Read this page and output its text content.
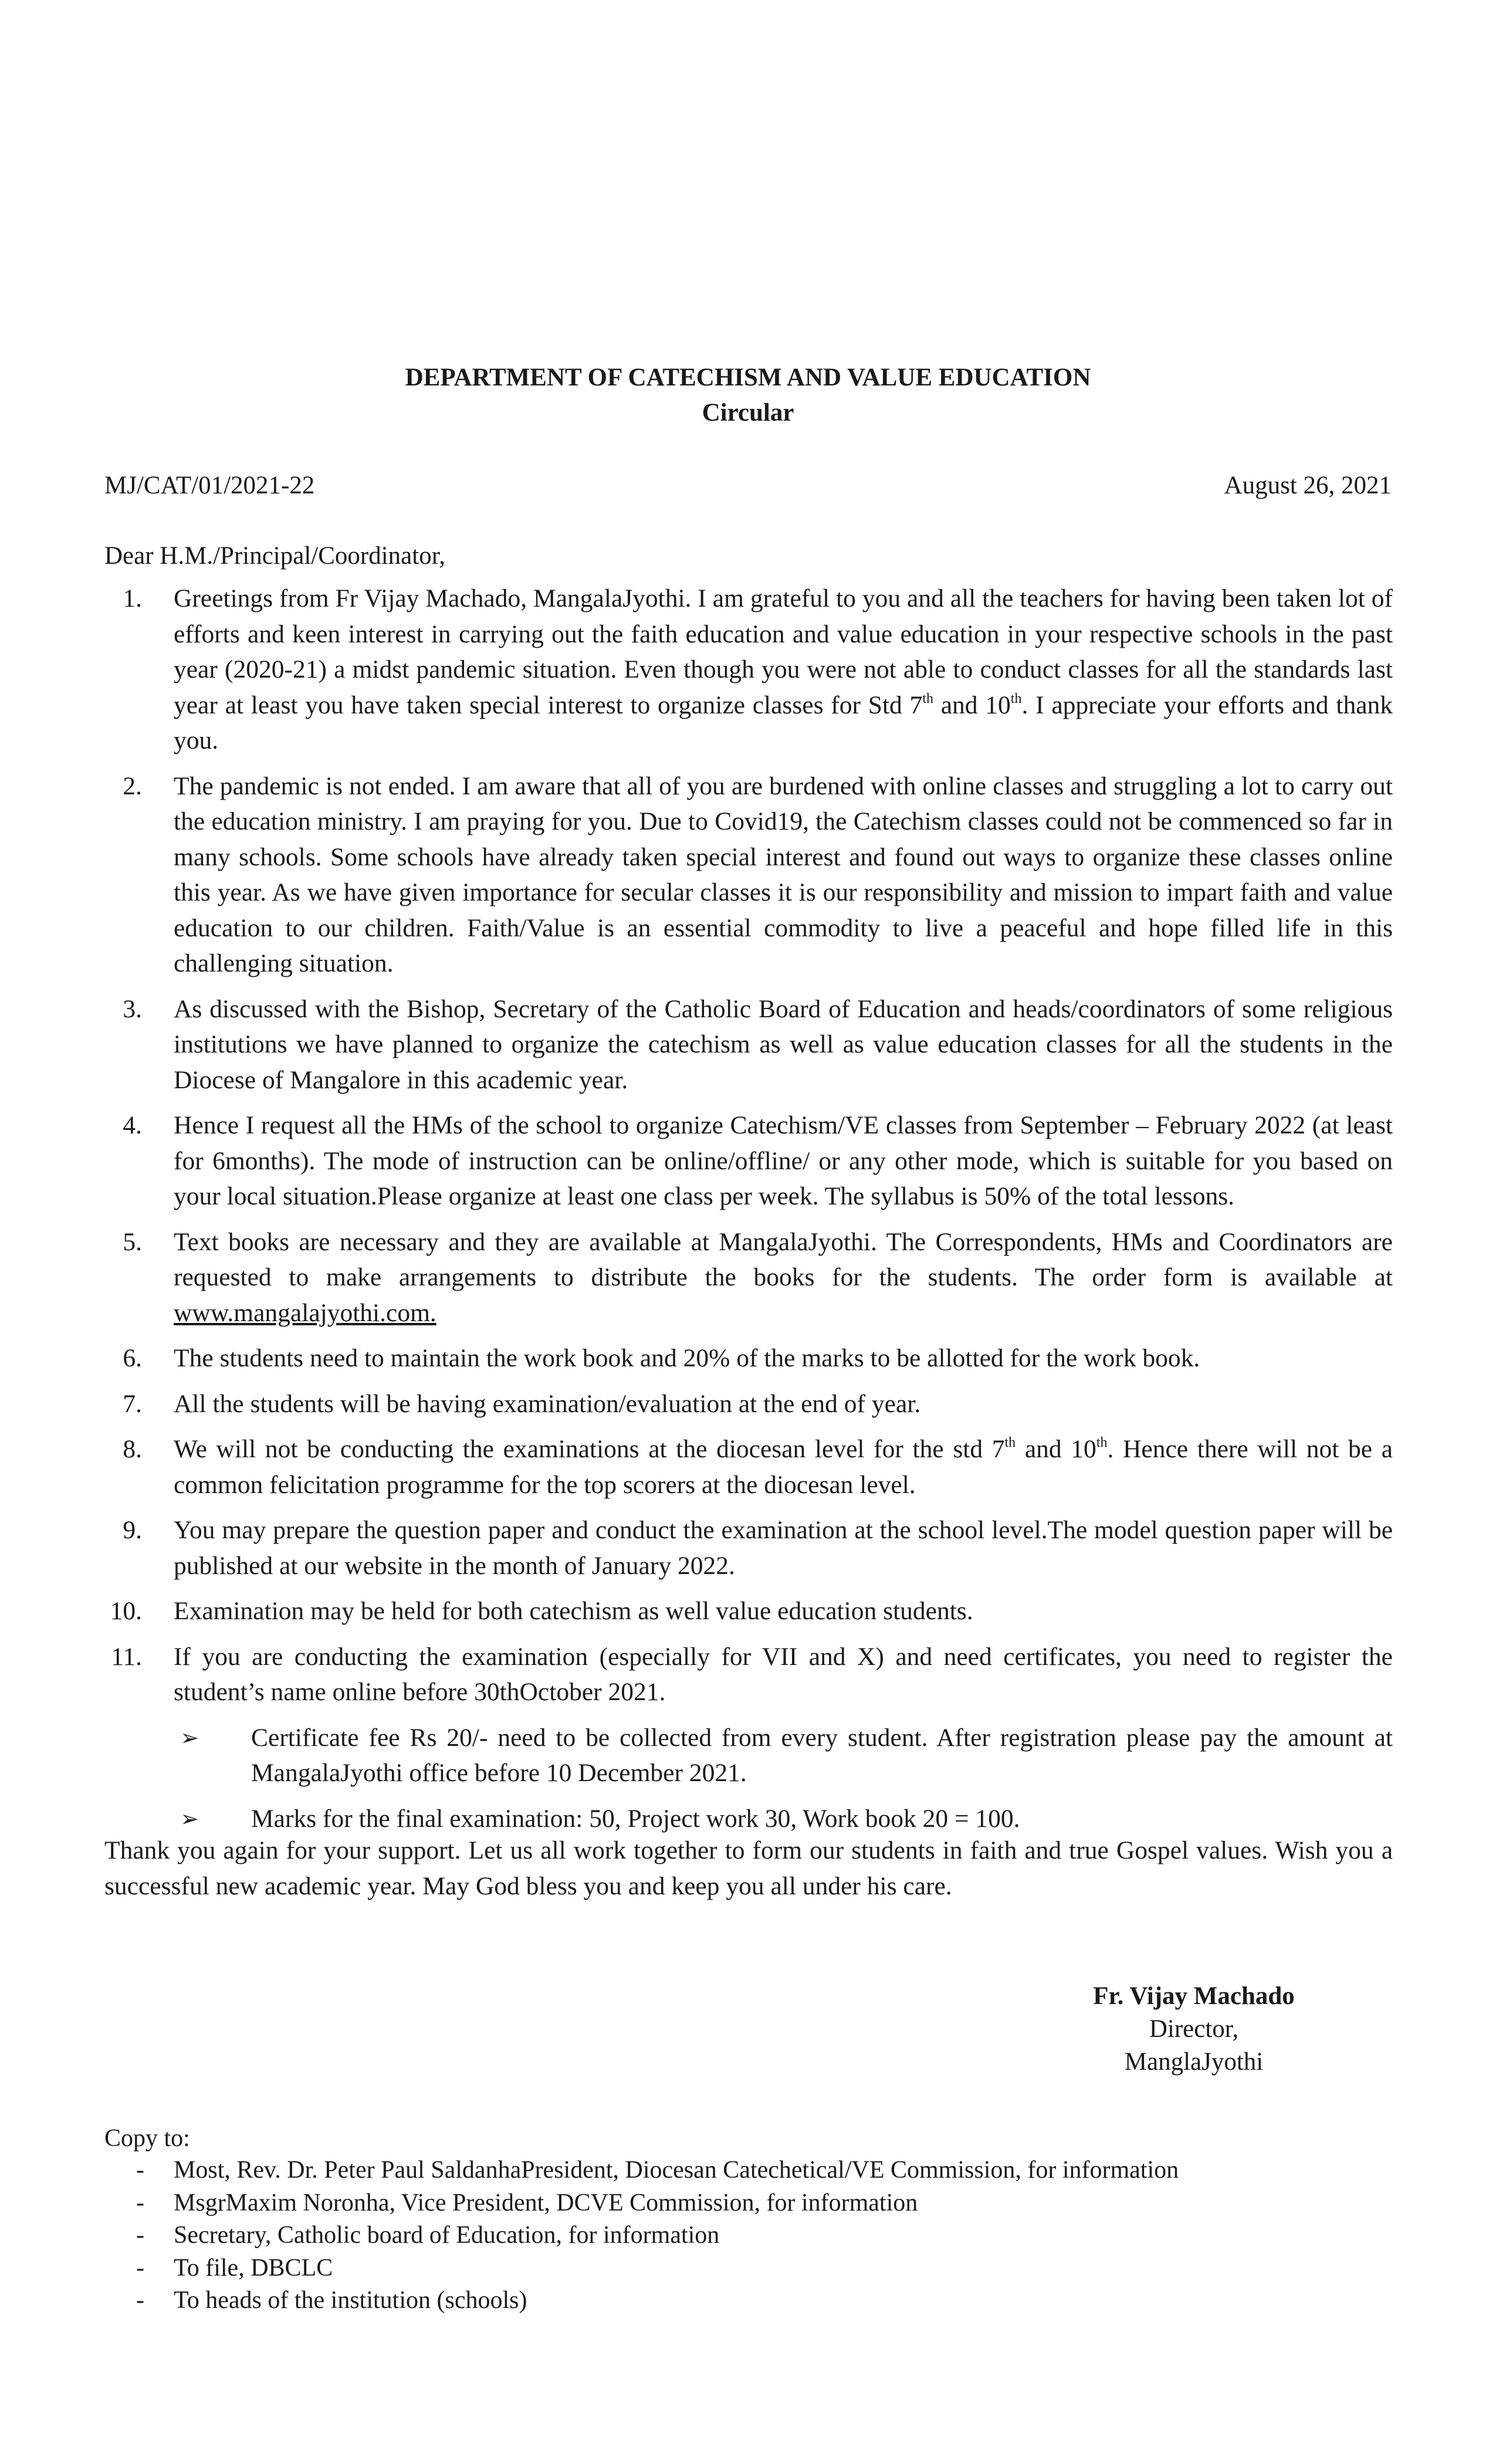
DEPARTMENT OF CATECHISM AND VALUE EDUCATION
Circular
MJ/CAT/01/2021-22	August 26, 2021
Dear H.M./Principal/Coordinator,
1. Greetings from Fr Vijay Machado, MangalaJyothi. I am grateful to you and all the teachers for having been taken lot of efforts and keen interest in carrying out the faith education and value education in your respective schools in the past year (2020-21) a midst pandemic situation. Even though you were not able to conduct classes for all the standards last year at least you have taken special interest to organize classes for Std 7th and 10th. I appreciate your efforts and thank you.
2. The pandemic is not ended. I am aware that all of you are burdened with online classes and struggling a lot to carry out the education ministry. I am praying for you. Due to Covid19, the Catechism classes could not be commenced so far in many schools. Some schools have already taken special interest and found out ways to organize these classes online this year. As we have given importance for secular classes it is our responsibility and mission to impart faith and value education to our children. Faith/Value is an essential commodity to live a peaceful and hope filled life in this challenging situation.
3. As discussed with the Bishop, Secretary of the Catholic Board of Education and heads/coordinators of some religious institutions we have planned to organize the catechism as well as value education classes for all the students in the Diocese of Mangalore in this academic year.
4. Hence I request all the HMs of the school to organize Catechism/VE classes from September – February 2022 (at least for 6months). The mode of instruction can be online/offline/ or any other mode, which is suitable for you based on your local situation.Please organize at least one class per week. The syllabus is 50% of the total lessons.
5. Text books are necessary and they are available at MangalaJyothi. The Correspondents, HMs and Coordinators are requested to make arrangements to distribute the books for the students. The order form is available at www.mangalajyothi.com.
6. The students need to maintain the work book and 20% of the marks to be allotted for the work book.
7. All the students will be having examination/evaluation at the end of year.
8. We will not be conducting the examinations at the diocesan level for the std 7th and 10th. Hence there will not be a common felicitation programme for the top scorers at the diocesan level.
9. You may prepare the question paper and conduct the examination at the school level.The model question paper will be published at our website in the month of January 2022.
10. Examination may be held for both catechism as well value education students.
11. If you are conducting the examination (especially for VII and X) and need certificates, you need to register the student’s name online before 30thOctober 2021.
➢ Certificate fee Rs 20/- need to be collected from every student. After registration please pay the amount at MangalaJyothi office before 10 December 2021.
➢ Marks for the final examination: 50, Project work 30, Work book 20 = 100.
Thank you again for your support. Let us all work together to form our students in faith and true Gospel values. Wish you a successful new academic year. May God bless you and keep you all under his care.
Fr. Vijay Machado
Director,
ManglaJyothi
Copy to:
- Most, Rev. Dr. Peter Paul SaldanhaPresident, Diocesan Catechetical/VE Commission, for information
- MsgrMaxim Noronha, Vice President, DCVE Commission, for information
- Secretary, Catholic board of Education, for information
- To file, DBCLC
- To heads of the institution (schools)
